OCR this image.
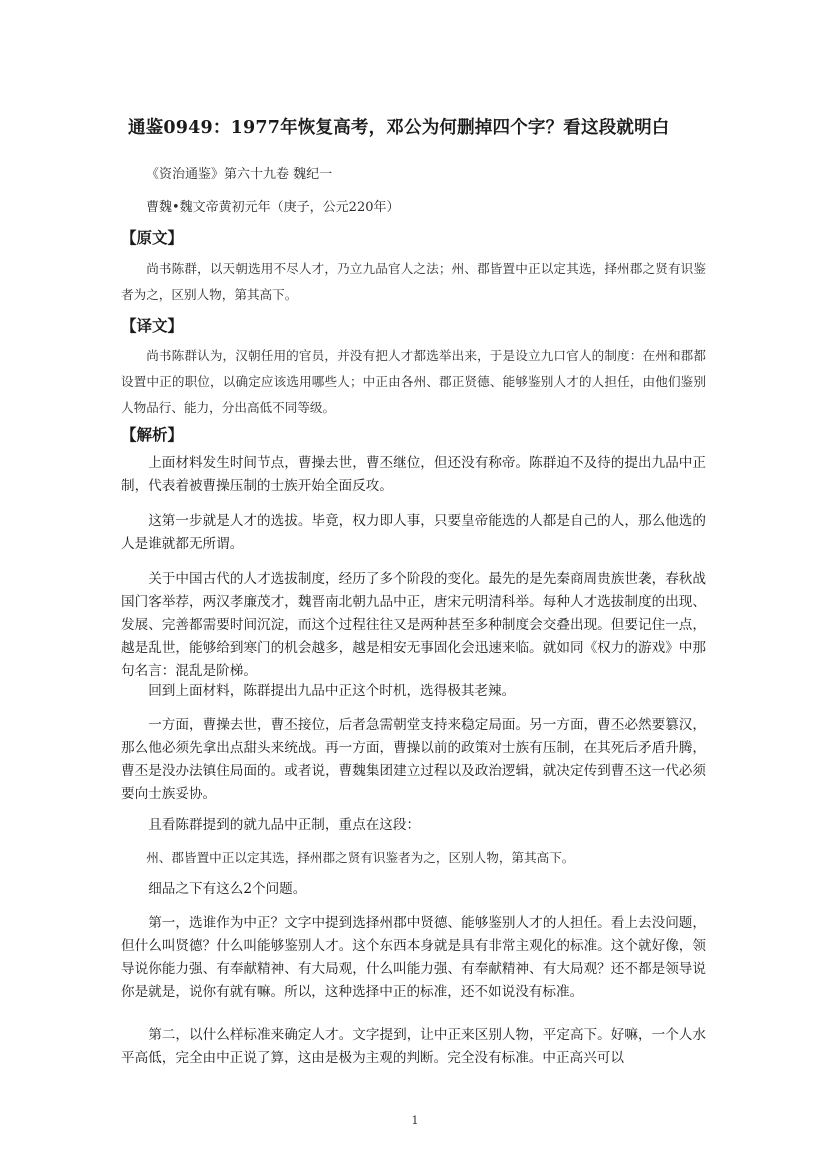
通鉴0949：1977年恢复高考，邓公为何删掉四个字？看这段就明白
《资治通鉴》第六十九卷 魏纪一
曹魏•魏文帝黄初元年（庚子，公元220年）
【原文】
尚书陈群，以天朝选用不尽人才，乃立九品官人之法；州、郡皆置中正以定其选，择州郡之贤有识鉴者为之，区别人物，第其高下。
【译文】
尚书陈群认为，汉朝任用的官员，并没有把人才都选举出来，于是设立九口官人的制度：在州和郡都设置中正的职位，以确定应该选用哪些人；中正由各州、郡正贤德、能够鉴别人才的人担任，由他们鉴别人物品行、能力，分出高低不同等级。
【解析】
上面材料发生时间节点，曹操去世，曹丕继位，但还没有称帝。陈群迫不及待的提出九品中正制，代表着被曹操压制的士族开始全面反攻。
这第一步就是人才的选拔。毕竟，权力即人事，只要皇帝能选的人都是自己的人，那么他选的人是谁就都无所谓。
关于中国古代的人才选拔制度，经历了多个阶段的变化。最先的是先秦商周贵族世袭，春秋战国门客举荐，两汉孝廉茂才，魏晋南北朝九品中正，唐宋元明清科举。每种人才选拔制度的出现、发展、完善都需要时间沉淀，而这个过程往往又是两种甚至多种制度会交叠出现。但要记住一点，越是乱世，能够给到寒门的机会越多，越是相安无事固化会迅速来临。就如同《权力的游戏》中那句名言：混乱是阶梯。
回到上面材料，陈群提出九品中正这个时机，选得极其老辣。
一方面，曹操去世，曹丕接位，后者急需朝堂支持来稳定局面。另一方面，曹丕必然要篡汉，那么他必须先拿出点甜头来统战。再一方面，曹操以前的政策对士族有压制，在其死后矛盾升腾，曹丕是没办法镇住局面的。或者说，曹魏集团建立过程以及政治逻辑，就决定传到曹丕这一代必须要向士族妥协。
且看陈群提到的就九品中正制，重点在这段：
州、郡皆置中正以定其选，择州郡之贤有识鉴者为之，区别人物，第其高下。
细品之下有这么2个问题。
第一，选谁作为中正？文字中提到选择州郡中贤德、能够鉴别人才的人担任。看上去没问题，但什么叫贤德？什么叫能够鉴别人才。这个东西本身就是具有非常主观化的标准。这个就好像，领导说你能力强、有奉献精神、有大局观，什么叫能力强、有奉献精神、有大局观？还不都是领导说你是就是，说你有就有嘛。所以，这种选择中正的标准，还不如说没有标准。
第二，以什么样标准来确定人才。文字提到，让中正来区别人物，平定高下。好嘛，一个人水平高低，完全由中正说了算，这由是极为主观的判断。完全没有标准。中正高兴可以
1
